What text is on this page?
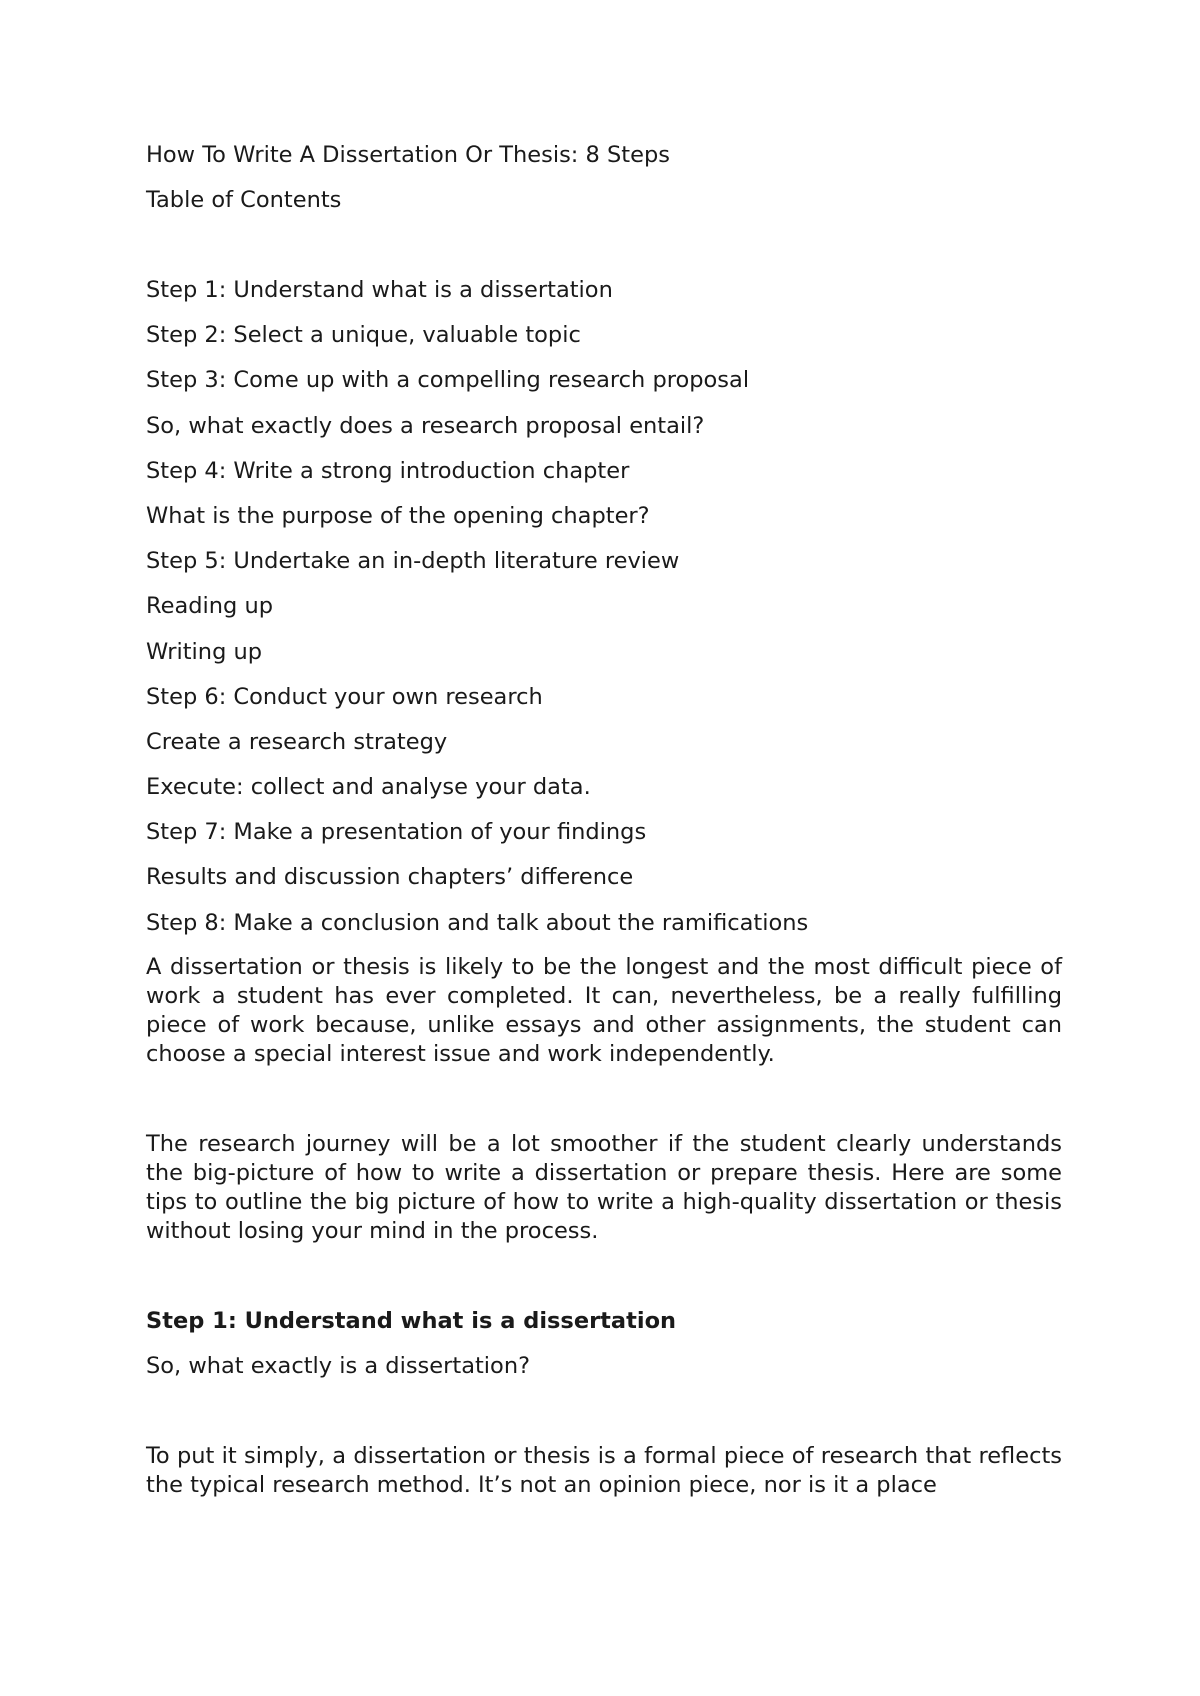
How To Write A Dissertation Or Thesis: 8 Steps

Table of Contents

Step 1: Understand what is a dissertation
Step 2: Select a unique, valuable topic
Step 3: Come up with a compelling research proposal
So, what exactly does a research proposal entail?
Step 4: Write a strong introduction chapter
What is the purpose of the opening chapter?
Step 5: Undertake an in-depth literature review
Reading up
Writing up
Step 6: Conduct your own research
Create a research strategy
Execute: collect and analyse your data.
Step 7: Make a presentation of your findings
Results and discussion chapters’ difference
Step 8: Make a conclusion and talk about the ramifications

A dissertation or thesis is likely to be the longest and the most difficult piece of work a student has ever completed. It can, nevertheless, be a really fulfilling piece of work because, unlike essays and other assignments, the student can choose a special interest issue and work independently.

The research journey will be a lot smoother if the student clearly understands the big-picture of how to write a dissertation or prepare thesis. Here are some tips to outline the big picture of how to write a high-quality dissertation or thesis without losing your mind in the process.

Step 1: Understand what is a dissertation

So, what exactly is a dissertation?

To put it simply, a dissertation or thesis is a formal piece of research that reflects the typical research method. It’s not an opinion piece, nor is it a place
